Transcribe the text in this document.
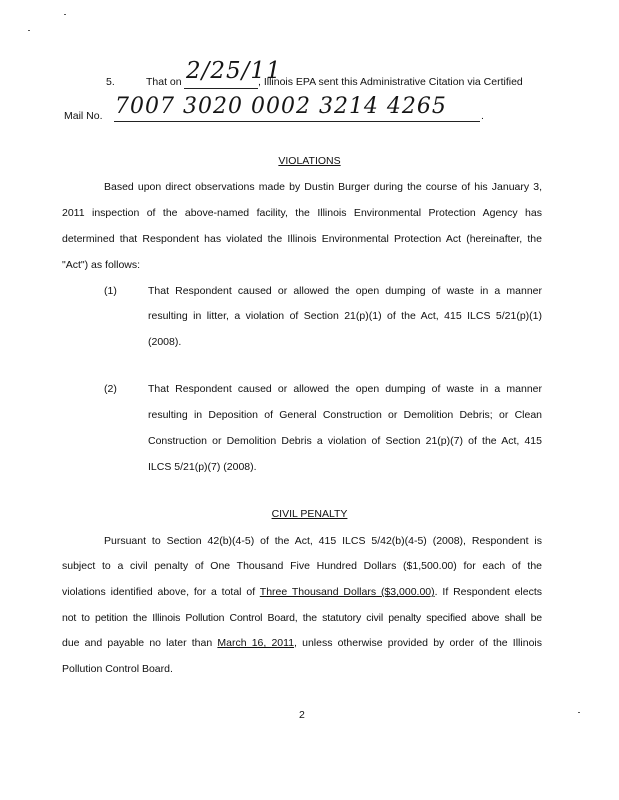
5.	That on 2/25/11
, Illinois EPA sent this Administrative Citation via Certified
Mail No. 7007 3020 0002 3214 4265	.
VIOLATIONS
Based upon direct observations made by Dustin Burger during the course of his January 3,
2011 inspection of the above-named facility, the Illinois Environmental Protection Agency has
determined that Respondent has violated the Illinois Environmental Protection Act (hereinafter, the
"Act") as follows:
(1)	That Respondent caused or allowed the open dumping of waste in a manner
resulting in litter, a violation of Section 21(p)(1) of the Act, 415 ILCS 5/21(p)(1)
(2008).
(2)	That Respondent caused or allowed the open dumping of waste in a manner
resulting in Deposition of General Construction or Demolition Debris; or Clean
Construction or Demolition Debris a violation of Section 21(p)(7) of the Act, 415
ILCS 5/21(p)(7) (2008).
CIVIL PENALTY
Pursuant to Section 42(b)(4-5) of the Act, 415 ILCS 5/42(b)(4-5) (2008), Respondent is
subject to a civil penalty of One Thousand Five Hundred Dollars ($1,500.00) for each of the
violations identified above, for a total of Three Thousand Dollars ($3,000.00). If Respondent elects
not to petition the Illinois Pollution Control Board, the statutory civil penalty specified above shall be
due and payable no later than March 16, 2011, unless otherwise provided by order of the Illinois
Pollution Control Board.
2
